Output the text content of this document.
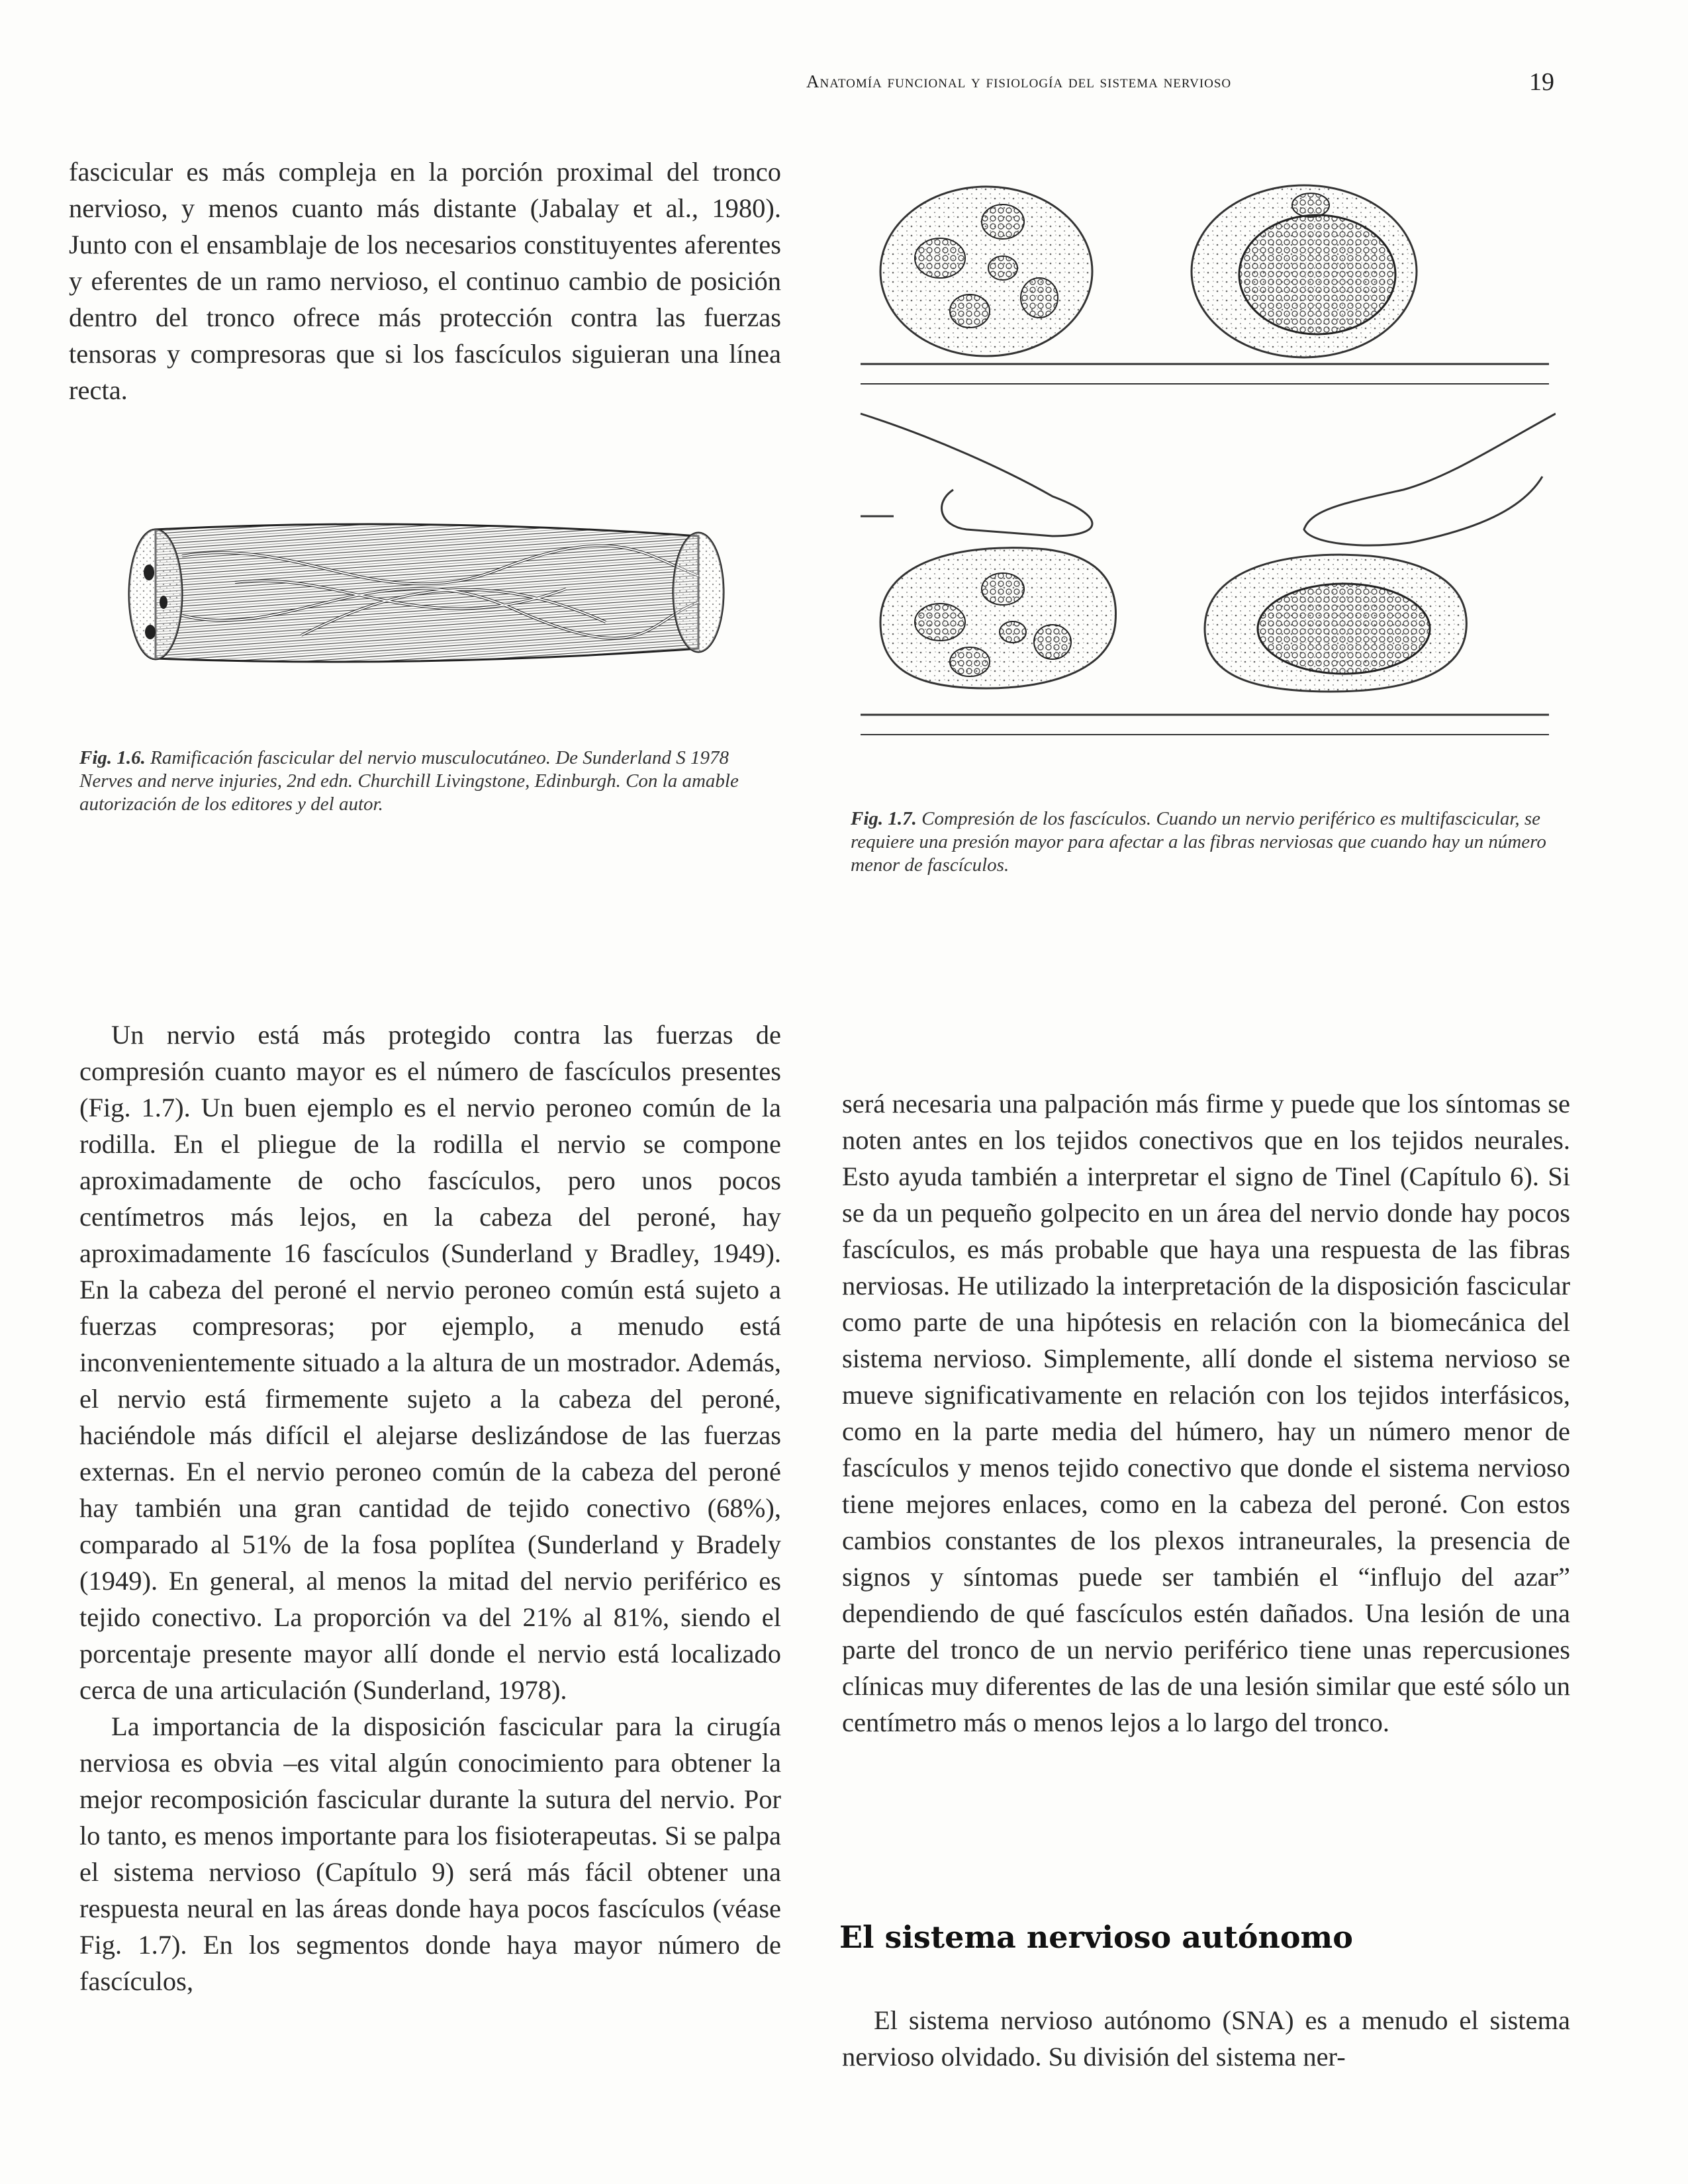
Anatomía funcional y fisiología del sistema nervioso	19

fascicular es más compleja en la porción proximal del tronco nervioso, y menos cuanto más distante (Jabalay et al., 1980). Junto con el ensamblaje de los necesarios constituyentes aferentes y eferentes de un ramo nervioso, el continuo cambio de posición dentro del tronco ofrece más protección contra las fuerzas tensoras y compresoras que si los fascículos siguieran una línea recta.

Fig. 1.6. Ramificación fascicular del nervio musculocutáneo. De Sunderland S 1978 Nerves and nerve injuries, 2nd edn. Churchill Livingstone, Edinburgh. Con la amable autorización de los editores y del autor.
Fig. 1.7. Compresión de los fascículos. Cuando un nervio periférico es multifascicular, se requiere una presión mayor para afectar a las fibras nerviosas que cuando hay un número menor de fascículos.

Un nervio está más protegido contra las fuerzas de compresión cuanto mayor es el número de fascículos presentes (Fig. 1.7). Un buen ejemplo es el nervio peroneo común de la rodilla. En el pliegue de la rodilla el nervio se compone aproximadamente de ocho fascículos, pero unos pocos centímetros más lejos, en la cabeza del peroné, hay aproximadamente 16 fascículos (Sunderland y Bradley, 1949). En la cabeza del peroné el nervio peroneo común está sujeto a fuerzas compresoras; por ejemplo, a menudo está inconvenientemente situado a la altura de un mostrador. Además, el nervio está firmemente sujeto a la cabeza del peroné, haciéndole más difícil el alejarse deslizándose de las fuerzas externas. En el nervio peroneo común de la cabeza del peroné hay también una gran cantidad de tejido conectivo (68%), comparado al 51% de la fosa poplítea (Sunderland y Bradely (1949). En general, al menos la mitad del nervio periférico es tejido conectivo. La proporción va del 21% al 81%, siendo el porcentaje presente mayor allí donde el nervio está localizado cerca de una articulación (Sunderland, 1978).

La importancia de la disposición fascicular para la cirugía nerviosa es obvia –es vital algún conocimiento para obtener la mejor recomposición fascicular durante la sutura del nervio. Por lo tanto, es menos importante para los fisioterapeutas. Si se palpa el sistema nervioso (Capítulo 9) será más fácil obtener una respuesta neural en las áreas donde haya pocos fascículos (véase Fig. 1.7). En los segmentos donde haya mayor número de fascículos,

será necesaria una palpación más firme y puede que los síntomas se noten antes en los tejidos conectivos que en los tejidos neurales. Esto ayuda también a interpretar el signo de Tinel (Capítulo 6). Si se da un pequeño golpecito en un área del nervio donde hay pocos fascículos, es más probable que haya una respuesta de las fibras nerviosas. He utilizado la interpretación de la disposición fascicular como parte de una hipótesis en relación con la biomecánica del sistema nervioso. Simplemente, allí donde el sistema nervioso se mueve significativamente en relación con los tejidos interfásicos, como en la parte media del húmero, hay un número menor de fascículos y menos tejido conectivo que donde el sistema nervioso tiene mejores enlaces, como en la cabeza del peroné. Con estos cambios constantes de los plexos intraneurales, la presencia de signos y síntomas puede ser también el “influjo del azar” dependiendo de qué fascículos estén dañados. Una lesión de una parte del tronco de un nervio periférico tiene unas repercusiones clínicas muy diferentes de las de una lesión similar que esté sólo un centímetro más o menos lejos a lo largo del tronco.

El sistema nervioso autónomo

El sistema nervioso autónomo (SNA) es a menudo el sistema nervioso olvidado. Su división del sistema ner-
